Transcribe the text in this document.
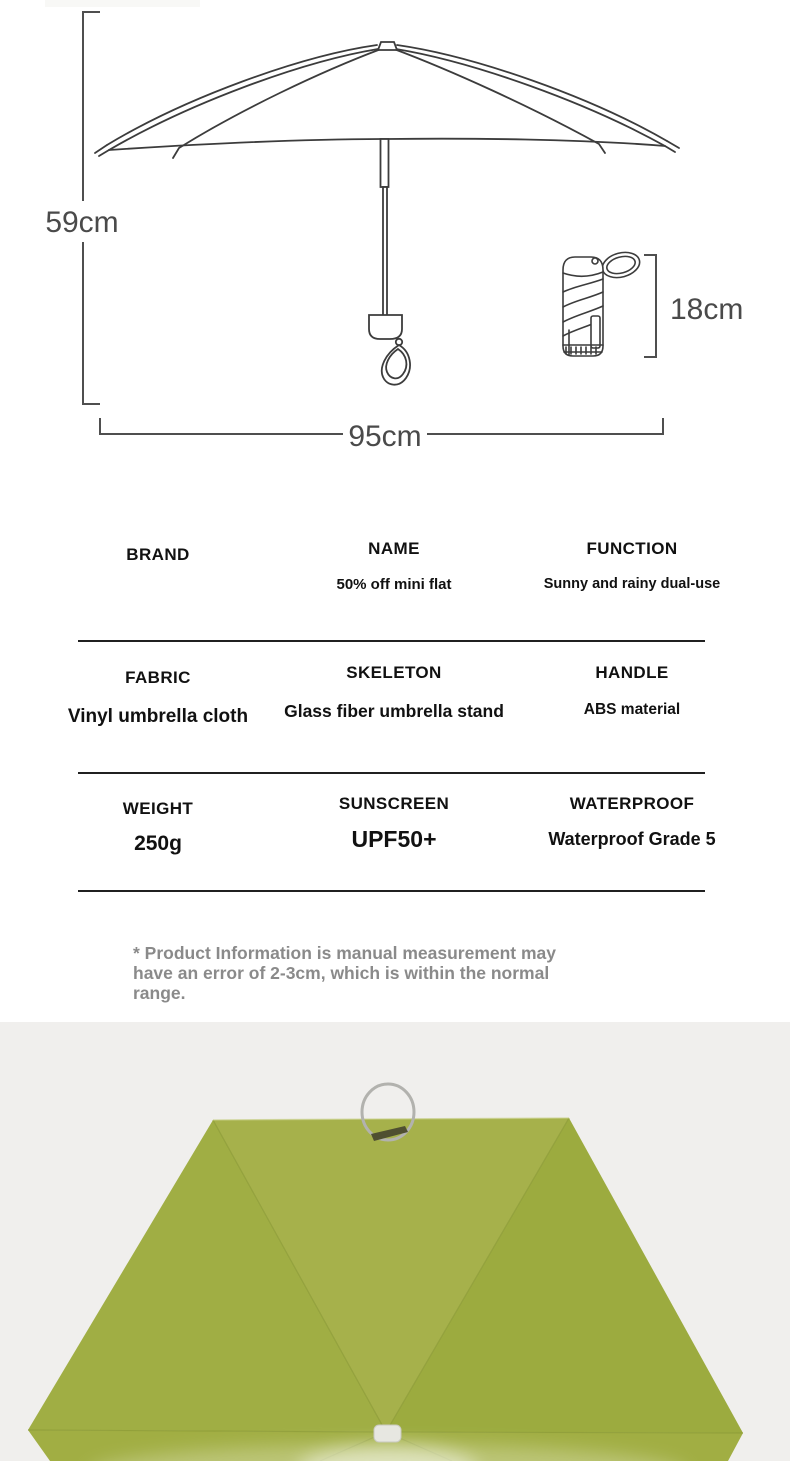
59cm
95cm
18cm
BRAND	NAME
50% off mini flat
FUNCTION
Sunny and rainy dual-use
FABRIC
Vinyl umbrella cloth
SKELETON
Glass fiber umbrella stand
HANDLE
ABS material
WEIGHT
250g
SUNSCREEN
UPF50+
WATERPROOF
Waterproof Grade 5
* Product Information is manual measurement may
have an error of 2-3cm, which is within the normal
range.
